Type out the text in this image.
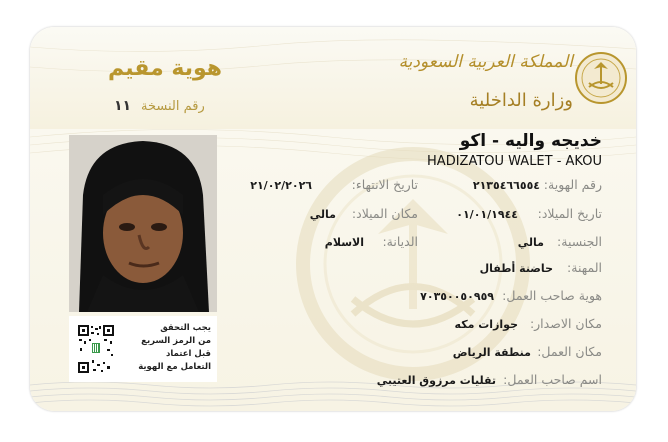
هوية مقيم
رقم النسخة
١١
المملكة العربية السعودية
وزارة الداخلية
يجب التحقق
من الرمز السريع
قبل اعتماد
التعامل مع الهوية
خديجه واليه - اكو
HADIZATOU WALET - AKOU
رقم الهوية:
٢١٣٥٤٦٦٥٥٤
تاريخ الانتهاء:
٢١/٠٢/٢٠٢٦
تاريخ الميلاد:
٠١/٠١/١٩٤٤
مكان الميلاد:
مالي
الجنسية:
مالي
الديانة:
الاسلام
المهنة:
حاضنة أطفال
هوية صاحب العمل:
٧٠٣٥٠٠٥٠٩٥٩
مكان الاصدار:
جوازات مكه
مكان العمل:
منطقة الرياض
اسم صاحب العمل:
تقليات مرزوق العتيبي
